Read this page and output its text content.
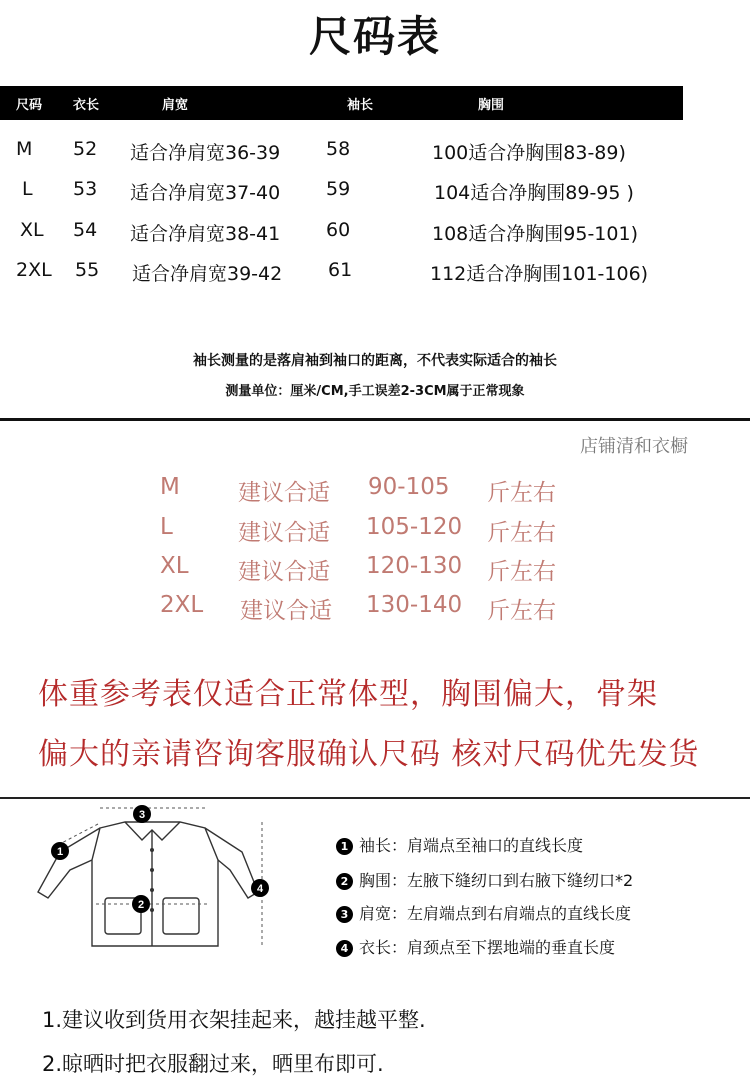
尺码表
尺码 衣长	肩宽	袖长	胸围
M 52 适合净肩宽36-39 58	100适合净胸围83-89)
L 53 适合净肩宽37-40 59	104适合净胸围89-95 )
XL 54 适合净肩宽38-41 60	108适合净胸围95-101)
2XL 55 适合净肩宽39-42 61	112适合净胸围101-106)
袖长测量的是落肩袖到袖口的距离，不代表实际适合的袖长
测量单位：厘米/CM,手工误差2-3CM属于正常现象
店铺清和衣橱
M	建议合适 90-105 斤左右
L	建议合适 105-120 斤左右
XL 建议合适 120-130 斤左右
2XL 建议合适 130-140 斤左右
体重参考表仅适合正常体型，胸围偏大，骨架
偏大的亲请咨询客服确认尺码 核对尺码优先发货
3
1
2
4
1 袖长：肩端点至袖口的直线长度
2 胸围：左腋下缝纫口到右腋下缝纫口*2
3 肩宽：左肩端点到右肩端点的直线长度
4 衣长：肩颈点至下摆地端的垂直长度
1.建议收到货用衣架挂起来，越挂越平整.
2.晾晒时把衣服翻过来，晒里布即可.
